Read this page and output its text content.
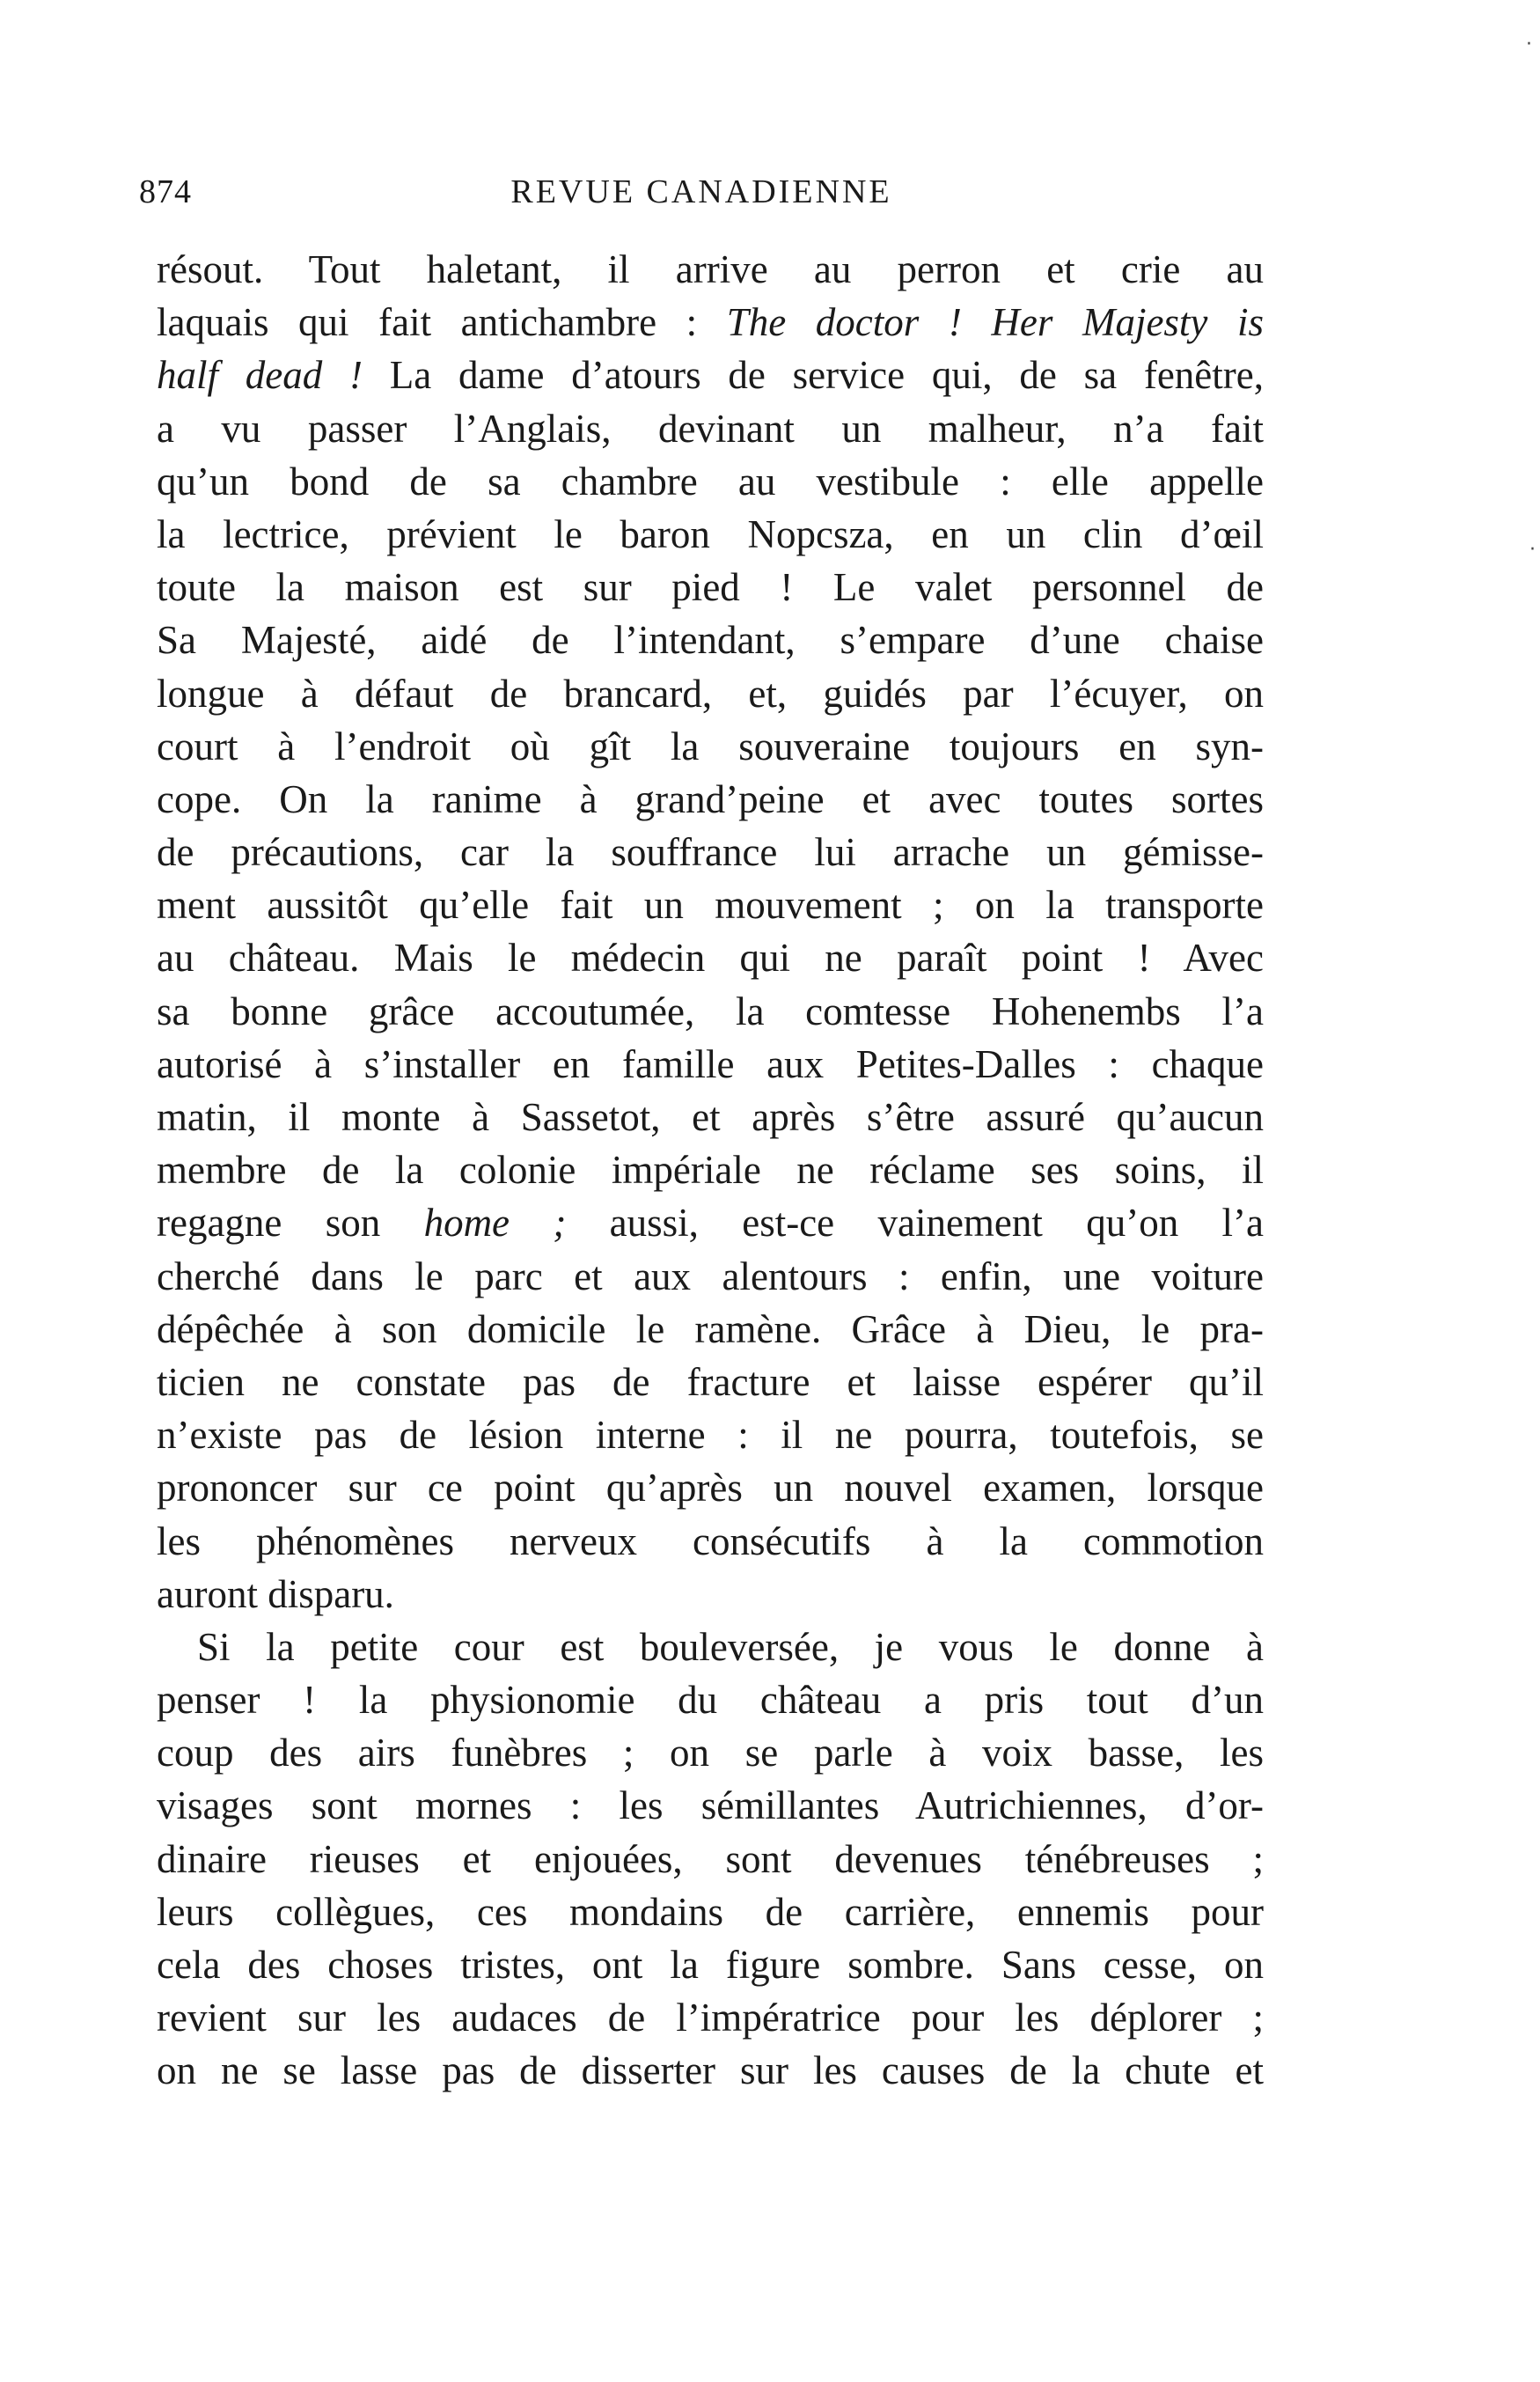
874	REVUE CANADIENNE
résout. Tout haletant, il arrive au perron et crie au
laquais qui fait antichambre : The doctor ! Her Majesty is
half dead ! La dame d’atours de service qui, de sa fenêtre,
a vu passer l’Anglais, devinant un malheur, n’a fait
qu’un bond de sa chambre au vestibule : elle appelle
la lectrice, prévient le baron Nopcsza, en un clin d’œil
toute la maison est sur pied ! Le valet personnel de
Sa Majesté, aidé de l’intendant, s’empare d’une chaise
longue à défaut de brancard, et, guidés par l’écuyer, on
court à l’endroit où gît la souveraine toujours en syn-
cope. On la ranime à grand’peine et avec toutes sortes
de précautions, car la souffrance lui arrache un gémisse-
ment aussitôt qu’elle fait un mouvement ; on la transporte
au château. Mais le médecin qui ne paraît point ! Avec
sa bonne grâce accoutumée, la comtesse Hohenembs l’a
autorisé à s’installer en famille aux Petites-Dalles : chaque
matin, il monte à Sassetot, et après s’être assuré qu’aucun
membre de la colonie impériale ne réclame ses soins, il
regagne son home ; aussi, est-ce vainement qu’on l’a
cherché dans le parc et aux alentours : enfin, une voiture
dépêchée à son domicile le ramène. Grâce à Dieu, le pra-
ticien ne constate pas de fracture et laisse espérer qu’il
n’existe pas de lésion interne : il ne pourra, toutefois, se
prononcer sur ce point qu’après un nouvel examen, lorsque
les phénomènes nerveux consécutifs à la commotion
auront disparu.
Si la petite cour est bouleversée, je vous le donne à
penser ! la physionomie du château a pris tout d’un
coup des airs funèbres ; on se parle à voix basse, les
visages sont mornes : les sémillantes Autrichiennes, d’or-
dinaire rieuses et enjouées, sont devenues ténébreuses ;
leurs collègues, ces mondains de carrière, ennemis pour
cela des choses tristes, ont la figure sombre. Sans cesse, on
revient sur les audaces de l’impératrice pour les déplorer ;
on ne se lasse pas de disserter sur les causes de la chute et
·
·
